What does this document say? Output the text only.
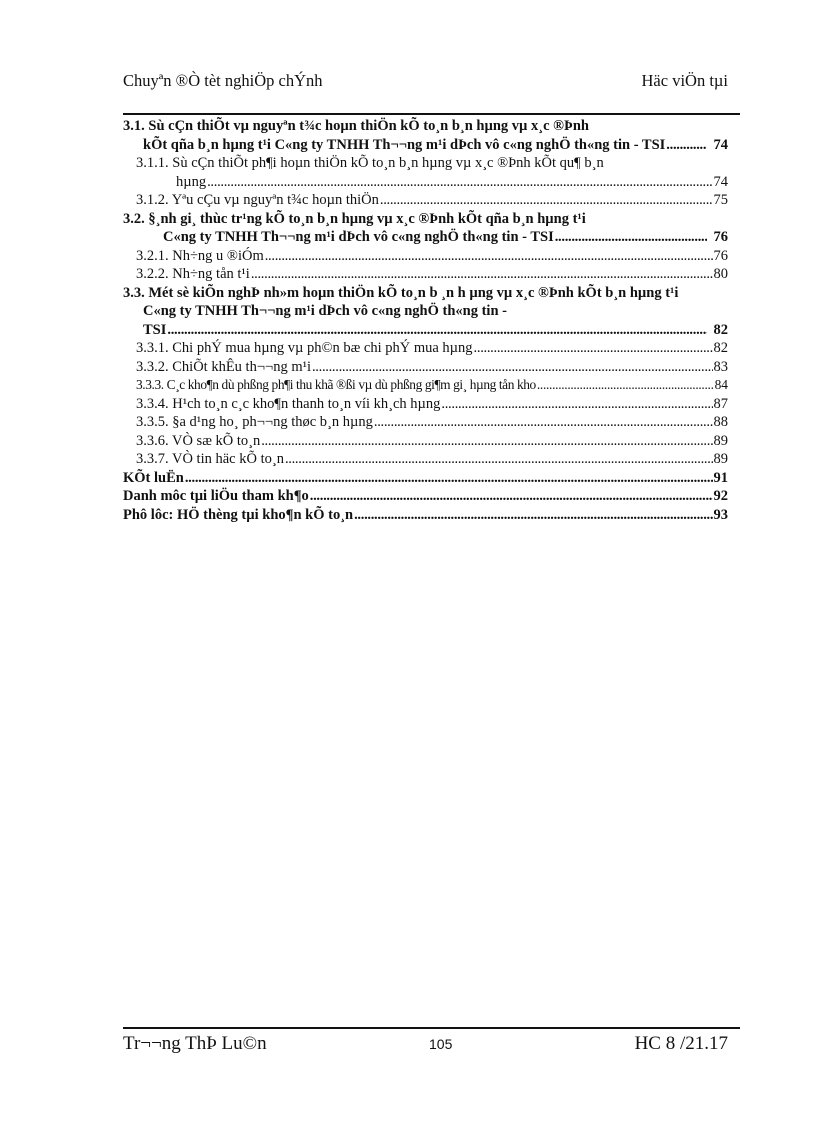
Chuyªn ®Ò tèt nghiÖp chÝnh	Häc viÖn tµi
3.1. Sù cÇn thiÕt vµ nguyªn t¾c hoµn thiÖn kÕ to¸n b¸n hµng vµ x¸c ®Þnh
kÕt qña b¸n hµng t¹i C«ng ty TNHH Th¬¬ng m¹i dÞch vô c«ng nghÖ th«ng tin - TSI .....	74
3.1.1. Sù cÇn thiÕt ph¶i hoµn thiÖn kÕ to¸n b¸n hµng vµ x¸c ®Þnh kÕt qu¶ b¸n
hµng .....	74
3.1.2. Yªu cÇu vµ nguyªn t¾c hoµn thiÖn .....	75
3.2. §¸nh gi¸ thùc tr¹ng kÕ to¸n b¸n hµng vµ x¸c ®Þnh kÕt qña b¸n hµng t¹i
C«ng ty TNHH Th¬¬ng m¹i dÞch vô c«ng nghÖ th«ng tin - TSI .....	76
3.2.1. Nh÷ng u ®iÓm .....	76
3.2.2. Nh÷ng tån t¹i .....	80
3.3. Mét sè kiÕn nghÞ nh»m hoµn thiÖn kÕ to¸n b ¸n h µng vµ x¸c ®Þnh kÕt b¸n hµng t¹i C«ng ty TNHH Th¬¬ng m¹i dÞch vô c«ng nghÖ th«ng tin -
TSI .....	82
3.3.1. Chi phÝ mua hµng vµ ph©n bæ chi phÝ mua hµng .....	82
3.3.2. ChiÕt khÊu th¬¬ng m¹i .....	83
3.3.3. C¸c kho¶n dù phßng ph¶i thu khã ®ßi vµ dù phßng gi¶m gi¸ hµng tån kho .....	84
3.3.4. H¹ch to¸n c¸c kho¶n thanh to¸n víi kh¸ch hµng .....	87
3.3.5. §a d¹ng ho¸ ph¬¬ng thøc b¸n hµng .....	88
3.3.6. VÒ sæ kÕ to¸n .....	89
3.3.7. VÒ tin häc kÕ to¸n .....	89
KÕt luËn .....	91
Danh môc tµi liÖu tham kh¶o .....	92
Phô lôc: HÖ thèng tµi kho¶n kÕ to¸n .....	93
Tr¬¬ng ThÞ Lu©n	105	HC 8 /21.17
